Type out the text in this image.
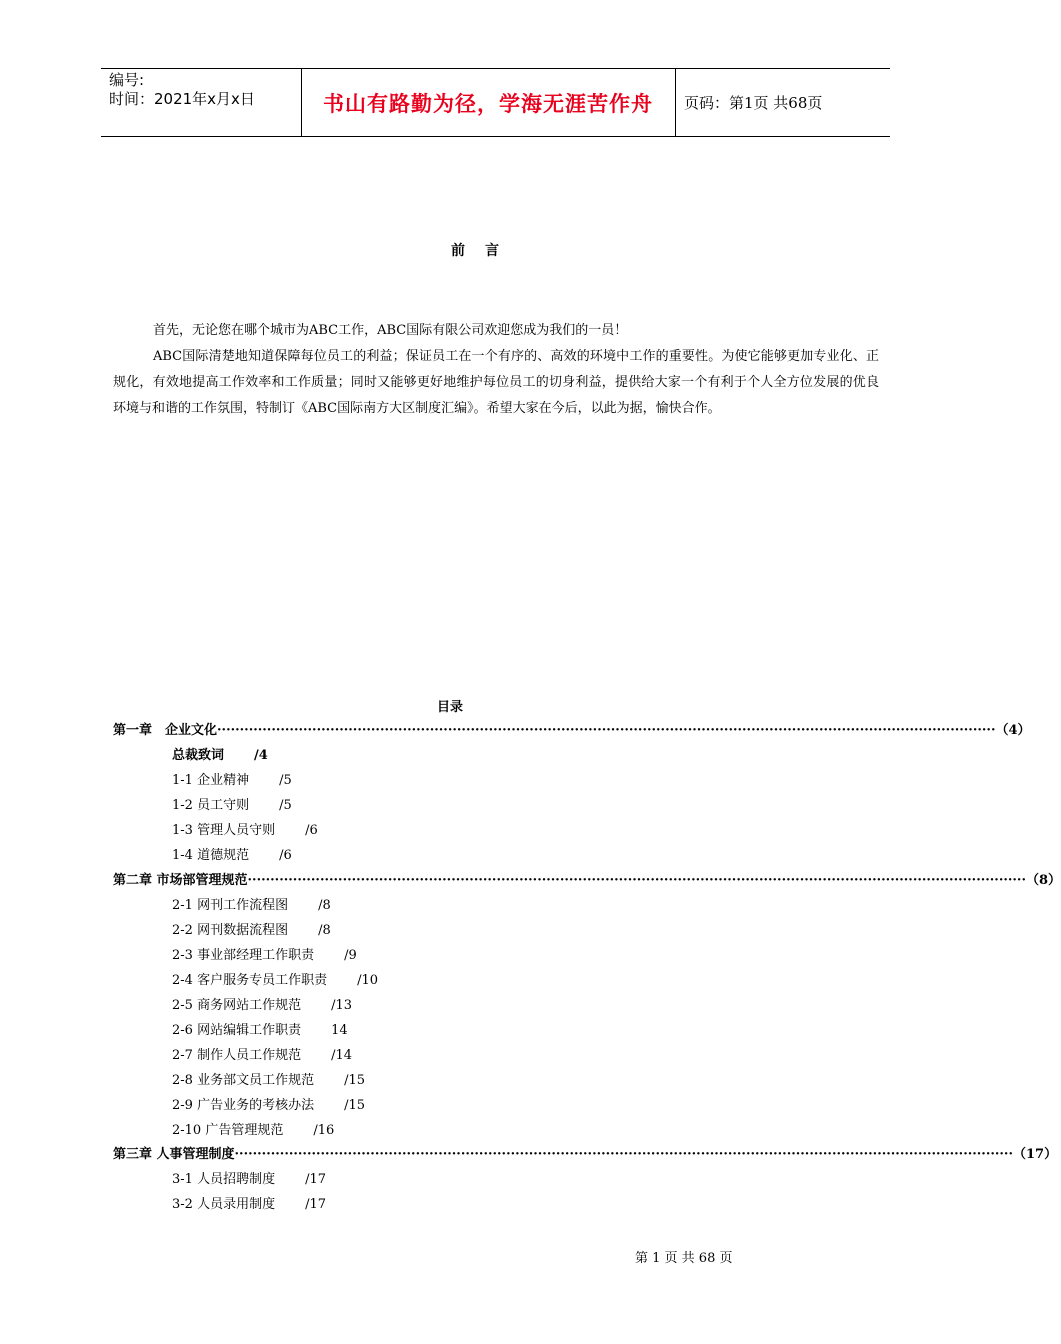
编号:
时间：2021年x月x日	书山有路勤为径，学海无涯苦作舟	页码：第1页 共68页
前言
首先，无论您在哪个城市为ABC工作，ABC国际有限公司欢迎您成为我们的一员！
ABC国际清楚地知道保障每位员工的利益；保证员工在一个有序的、高效的环境中工作的重要性。为使它能够更加专业化、正规化，有效地提高工作效率和工作质量；同时又能够更好地维护每位员工的切身利益，提供给大家一个有利于个人全方位发展的优良环境与和谐的工作氛围，特制订《ABC国际南方大区制度汇编》。希望大家在今后，以此为据，愉快合作。
目录
第一章　企业文化 ············································································································································································ （4）
总裁致词 /4
1-1 企业精神 /5
1-2 员工守则 /5
1-3 管理人员守则 /6
1-4 道德规范 /6
第二章 市场部管理规范 ············································································································································································ （8）
2-1 网刊工作流程图 /8
2-2 网刊数据流程图 /8
2-3 事业部经理工作职责 /9
2-4 客户服务专员工作职责 /10
2-5 商务网站工作规范 /13
2-6 网站编辑工作职责 14
2-7 制作人员工作规范 /14
2-8 业务部文员工作规范 /15
2-9 广告业务的考核办法 /15
2-10 广告管理规范 /16
第三章 人事管理制度 ············································································································································································ （17）
3-1 人员招聘制度 /17
3-2 人员录用制度 /17
第 1 页 共 68 页
